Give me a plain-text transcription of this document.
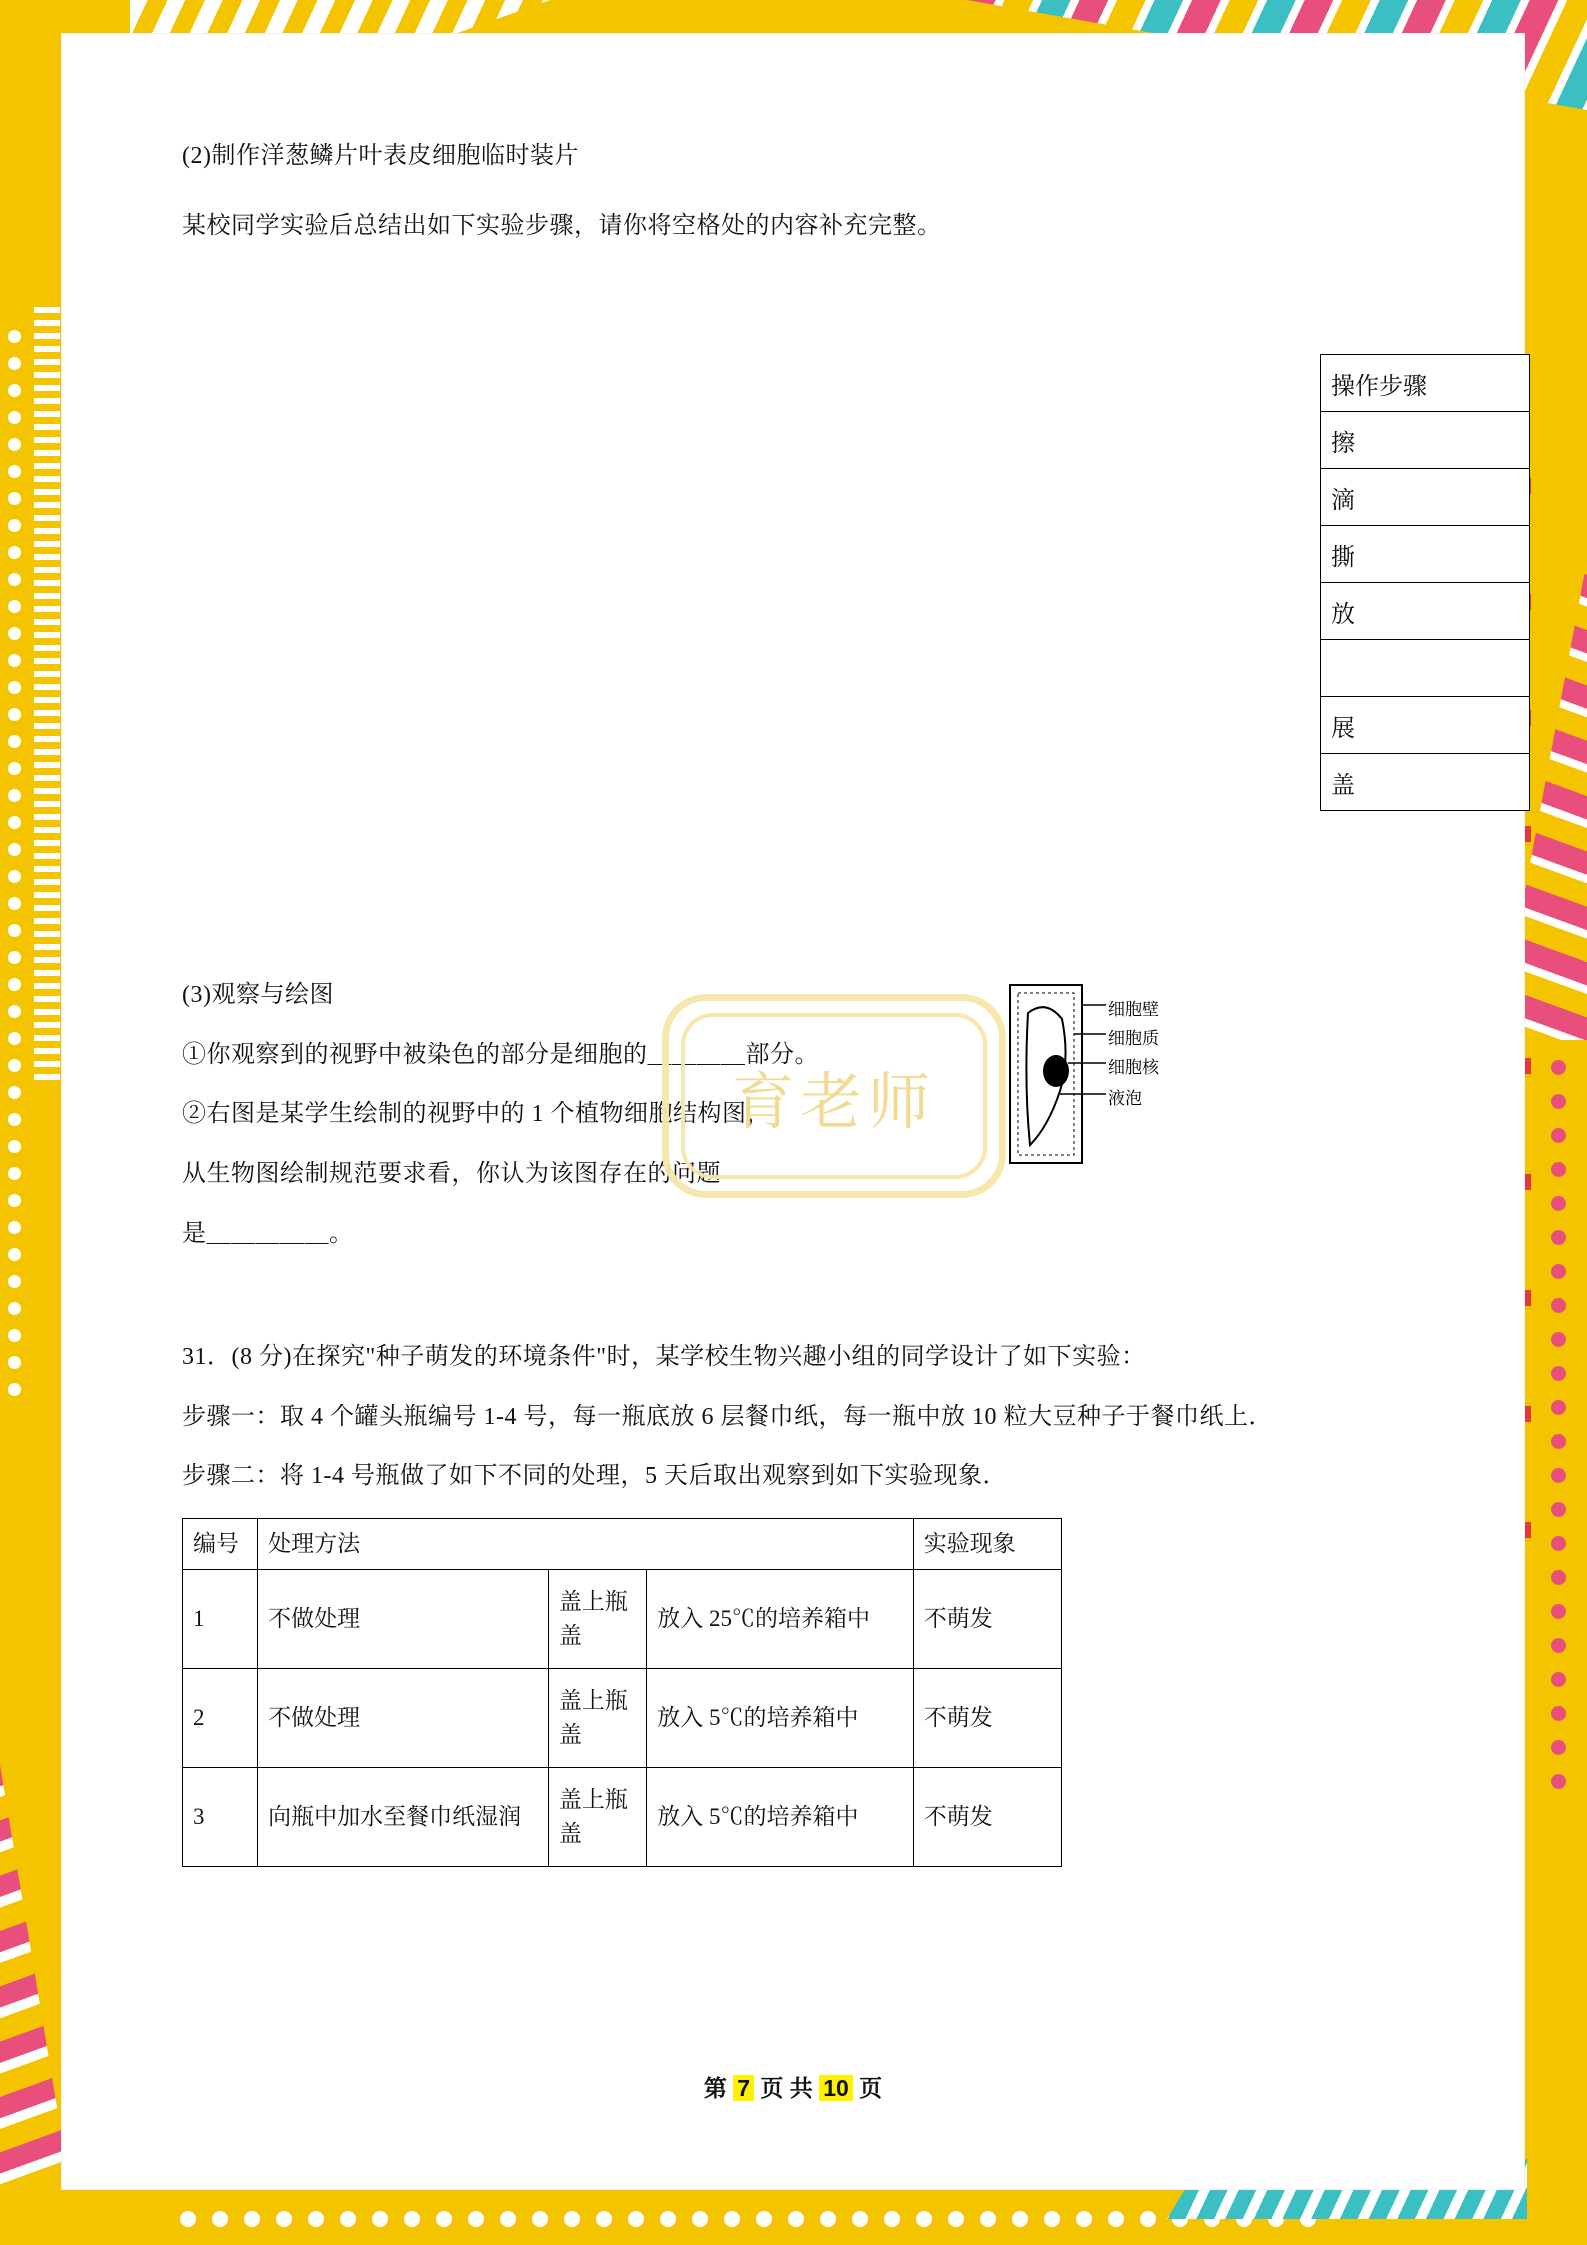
(2)制作洋葱鳞片叶表皮细胞临时装片

某校同学实验后总结出如下实验步骤，请你将空格处的内容补充完整。

(3)观察与绘图

①你观察到的视野中被染色的部分是细胞的＿＿＿＿部分。

②右图是某学生绘制的视野中的 1 个植物细胞结构图，

从生物图绘制规范要求看，你认为该图存在的问题

是＿＿＿＿＿。

31．(8 分)在探究"种子萌发的环境条件"时，某学校生物兴趣小组的同学设计了如下实验：

步骤一：取 4 个罐头瓶编号 1-4 号，每一瓶底放 6 层餐巾纸，每一瓶中放 10 粒大豆种子于餐巾纸上．

步骤二：将 1-4 号瓶做了如下不同的处理，5 天后取出观察到如下实验现象．

编号	处理方法			实验现象
1	不做处理	盖上瓶盖	放入 25℃的培养箱中	不萌发
2	不做处理	盖上瓶盖	放入 5℃的培养箱中	不萌发
3	向瓶中加水至餐巾纸湿润	盖上瓶盖	放入 5℃的培养箱中	不萌发
操作步骤
擦
滴
撕
放

展
盖
育老师
细胞壁
细胞质
细胞核
液泡
第 7 页 共 10 页
